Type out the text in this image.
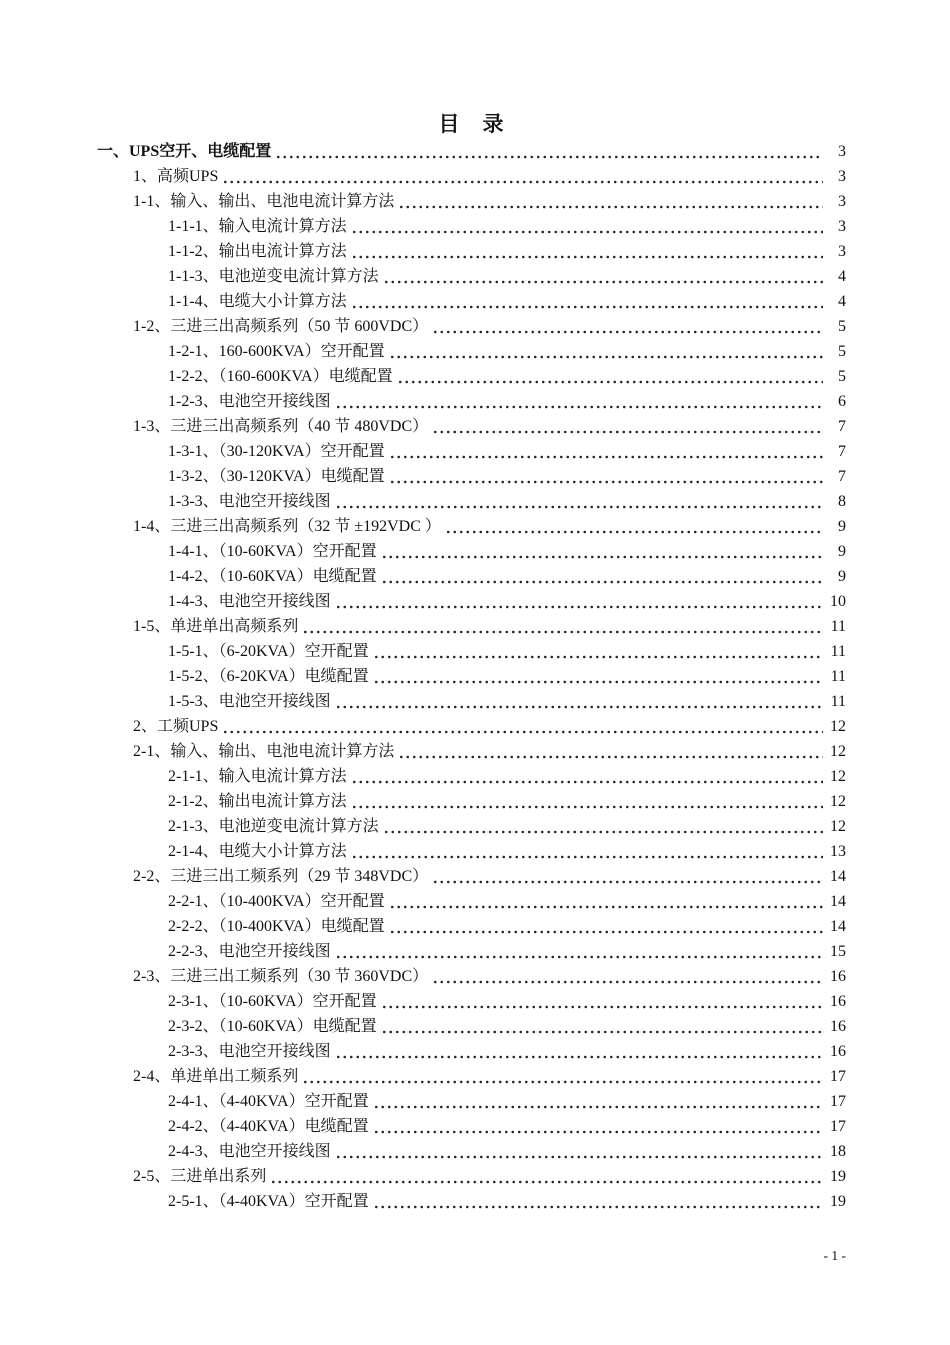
目　录
一、UPS空开、电缆配置	3
1、高频UPS	3
1-1、输入、输出、电池电流计算方法	3
1-1-1、输入电流计算方法	3
1-1-2、输出电流计算方法	3
1-1-3、电池逆变电流计算方法	4
1-1-4、电缆大小计算方法	4
1-2、三进三出高频系列（50 节 600VDC）	5
1-2-1、160-600KVA）空开配置	5
1-2-2、（160-600KVA）电缆配置	5
1-2-3、电池空开接线图	6
1-3、三进三出高频系列（40 节 480VDC）	7
1-3-1、（30-120KVA）空开配置	7
1-3-2、（30-120KVA）电缆配置	7
1-3-3、电池空开接线图	8
1-4、三进三出高频系列（32 节 ±192VDC ）	9
1-4-1、（10-60KVA）空开配置	9
1-4-2、（10-60KVA）电缆配置	9
1-4-3、电池空开接线图	10
1-5、单进单出高频系列	11
1-5-1、（6-20KVA）空开配置	11
1-5-2、（6-20KVA）电缆配置	11
1-5-3、电池空开接线图	11
2、工频UPS	12
2-1、输入、输出、电池电流计算方法	12
2-1-1、输入电流计算方法	12
2-1-2、输出电流计算方法	12
2-1-3、电池逆变电流计算方法	12
2-1-4、电缆大小计算方法	13
2-2、三进三出工频系列（29 节 348VDC）	14
2-2-1、（10-400KVA）空开配置	14
2-2-2、（10-400KVA）电缆配置	14
2-2-3、电池空开接线图	15
2-3、三进三出工频系列（30 节 360VDC）	16
2-3-1、（10-60KVA）空开配置	16
2-3-2、（10-60KVA）电缆配置	16
2-3-3、电池空开接线图	16
2-4、单进单出工频系列	17
2-4-1、（4-40KVA）空开配置	17
2-4-2、（4-40KVA）电缆配置	17
2-4-3、电池空开接线图	18
2-5、三进单出系列	19
2-5-1、（4-40KVA）空开配置	19
- 1 -
